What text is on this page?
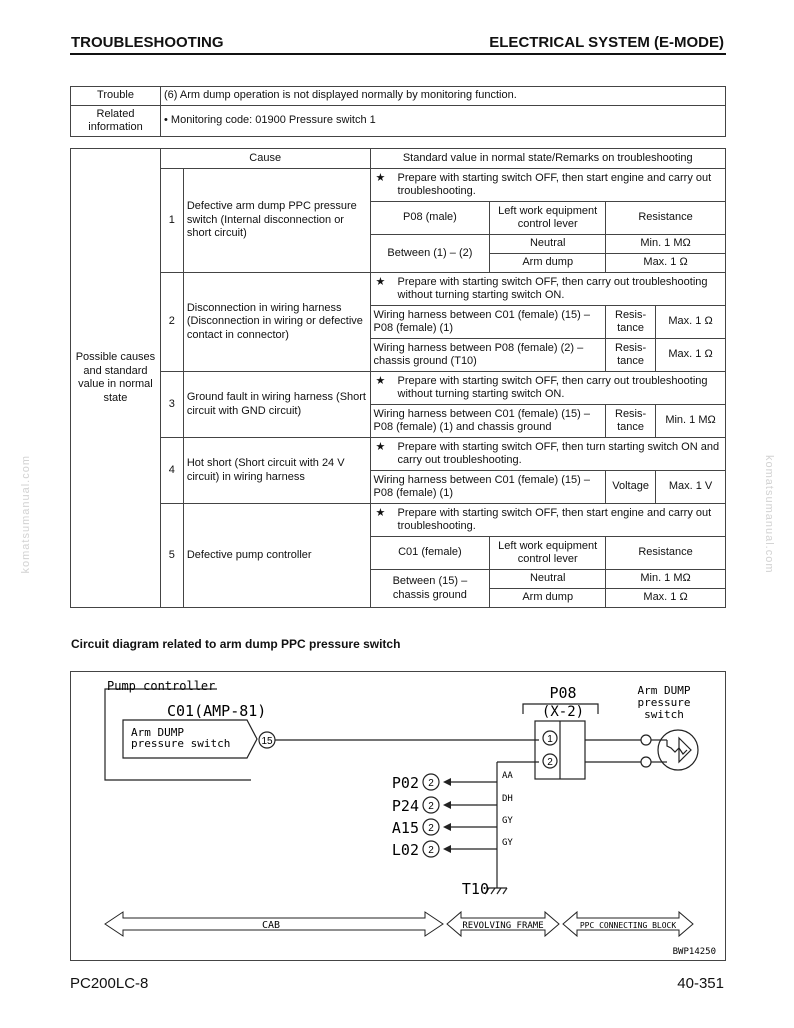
TROUBLESHOOTING	ELECTRICAL SYSTEM (E-MODE)
Trouble	(6) Arm dump operation is not displayed normally by monitoring function.
Related information	• Monitoring code: 01900 Pressure switch 1
Possible causes and standard value in normal state	Cause		Standard value in normal state/Remarks on troubleshooting			
	1	Defective arm dump PPC pressure switch (Internal disconnection or short circuit)	★ Prepare with starting switch OFF, then start engine and carry out troubleshooting.			

			P08 (male)	Left work equipment control lever	Resistance	
			Between (1) – (2)	Neutral	Min. 1 MΩ	
				Arm dump	Max. 1 Ω	
	2	Disconnection in wiring harness (Disconnection in wiring or defective contact in connector)	★ Prepare with starting switch OFF, then carry out troubleshooting without turning starting switch ON.			

			Wiring harness between C01 (female) (15) – P08 (female) (1)		Resis-tance	Max. 1 Ω
			Wiring harness between P08 (female) (2) – chassis ground (T10)		Resis-tance	Max. 1 Ω
	3	Ground fault in wiring harness (Short circuit with GND circuit)	★ Prepare with starting switch OFF, then carry out troubleshooting without turning starting switch ON.			

			Wiring harness between C01 (female) (15) – P08 (female) (1) and chassis ground		Resis-tance	Min. 1 MΩ
	4	Hot short (Short circuit with 24 V circuit) in wiring harness	★ Prepare with starting switch OFF, then turn starting switch ON and carry out troubleshooting.			

			Wiring harness between C01 (female) (15) – P08 (female) (1)		Voltage	Max. 1 V
	5	Defective pump controller	★ Prepare with starting switch OFF, then start engine and carry out troubleshooting.			

			C01 (female)	Left work equipment control lever	Resistance	
			Between (15) – chassis ground	Neutral	Min. 1 MΩ	
				Arm dump	Max. 1 Ω	
komatsumanual.com	komatsumanual.com
Circuit diagram related to arm dump PPC pressure switch
2
P02	AA
2
P24	DH
2
A15	GY
2
L02	GY
Pump controller
C01(AMP-81)
Arm DUMP
pressure switch	15
P08
(X-2)
1
2
Arm DUMP
pressure
switch
T10
CAB	REVOLVING FRAME	PPC CONNECTING BLOCK
BWP14250
PC200LC-8	40-351
